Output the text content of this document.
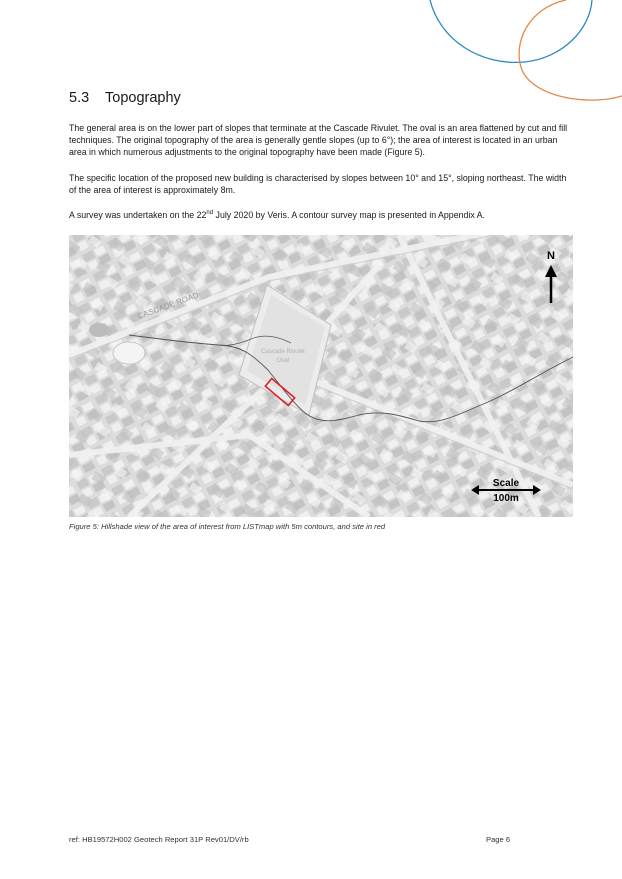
5.3 Topography

The general area is on the lower part of slopes that terminate at the Cascade Rivulet. The oval is an area flattened by cut and fill techniques. The original topography of the area is generally gentle slopes (up to 6°); the area of interest is located in an urban area in which numerous adjustments to the original topography have been made (Figure 5).

The specific location of the proposed new building is characterised by slopes between 10° and 15°, sloping northeast. The width of the area of interest is approximately 8m.

A survey was undertaken on the 22nd July 2020 by Veris. A contour survey map is presented in Appendix A.

CASCADE ROAD
Cascade Rivulet
Oval
N
Scale
100m
Figure 5: Hillshade view of the area of interest from LISTmap with 5m contours, and site in red
ref: HB19572H002 Geotech Report 31P Rev01/DV/rb	Page 6
